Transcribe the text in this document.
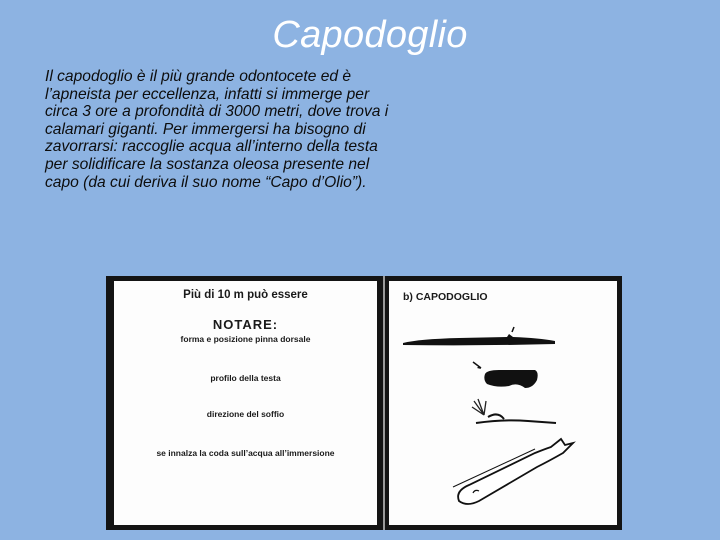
Capodoglio
Il capodoglio è il più grande odontocete ed è l’apneista per eccellenza, infatti si immerge per circa 3 ore a profondità di 3000 metri, dove trova i calamari giganti. Per immergersi ha bisogno di zavorrarsi: raccoglie acqua all’interno della testa per solidificare la sostanza oleosa presente nel capo (da cui deriva il suo nome “Capo d’Olio”).
Più di 10 m può essere
NOTARE:
forma e posizione pinna dorsale
profilo della testa
direzione del soffio
se innalza la coda sull’acqua all’immersione
b) CAPODOGLIO
